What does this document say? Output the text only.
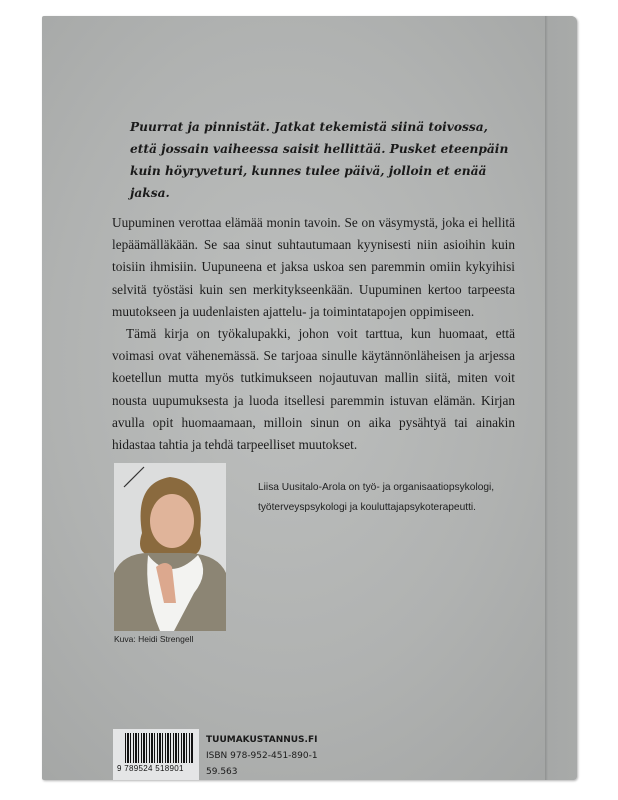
Puurrat ja pinnistät. Jatkat tekemistä siinä toivossa, että jossain vaiheessa saisit hellittää. Pusket eteenpäin kuin höyryveturi, kunnes tulee päivä, jolloin et enää jaksa.

Uupuminen verottaa elämää monin tavoin. Se on väsymystä, joka ei hellitä lepäämälläkään. Se saa sinut suhtautumaan kyynisesti niin asioihin kuin toisiin ihmisiin. Uupuneena et jaksa uskoa sen paremmin omiin kykyihisi selvitä työstäsi kuin sen merkitykseenkään. Uupuminen kertoo tarpeesta muutokseen ja uudenlaisten ajattelu- ja toimintatapojen oppimiseen.

Tämä kirja on työkalupakki, johon voit tarttua, kun huomaat, että voimasi ovat vähenemässä. Se tarjoaa sinulle käytännönläheisen ja arjessa koetellun mutta myös tutkimukseen nojautuvan mallin siitä, miten voit nousta uupumuksesta ja luoda itsellesi paremmin istuvan elämän. Kirjan avulla opit huomaamaan, milloin sinun on aika pysähtyä tai ainakin hidastaa tahtia ja tehdä tarpeelliset muutokset.

Kuva: Heidi Strengell
Liisa Uusitalo-Arola on työ- ja organisaatiopsykologi, työterveyspsykologi ja kouluttajapsykoterapeutti.
9 789524 518901
TUUMAKUSTANNUS.FI
ISBN 978-952-451-890-1
59.563
